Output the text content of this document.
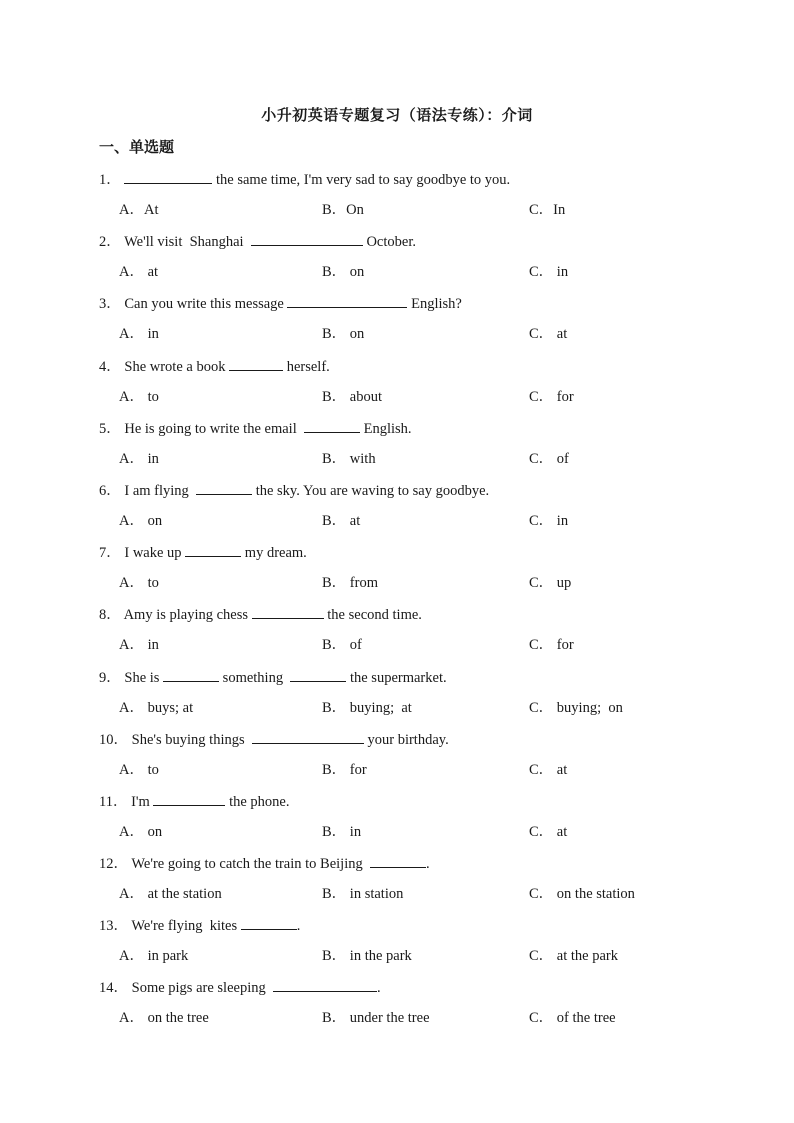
小升初英语专题复习（语法专练）：介词
一、单选题
1．	the same time, I'm very sad to say goodbye to you.
A．At	B．On	C．In
2． We'll visit  Shanghai	October.
A． at	B． on	C． in
3． Can you write this message	English?
A． in	B． on	C． at
4． She wrote a book	herself.
A． to	B． about	C． for
5． He is going to write the email	English.
A． in	B． with	C． of
6． I am flying	the sky. You are waving to say goodbye.
A． on	B． at	C． in
7． I wake up	my dream.
A． to	B． from	C． up
8． Amy is playing chess	the second time.
A． in	B． of	C． for
9． She is	something	the supermarket.
A． buys; at	B． buying;  at	C． buying;  on
10． She's buying things	your birthday.
A． to	B． for	C． at
11． I'm	the phone.
A． on	B． in	C． at
12． We're going to catch the train to Beijing	.
A． at the station	B． in station	C． on the station
13． We're flying  kites	.
A． in park	B． in the park	C． at the park
14． Some pigs are sleeping	.
A． on the tree	B． under the tree	C． of the tree
